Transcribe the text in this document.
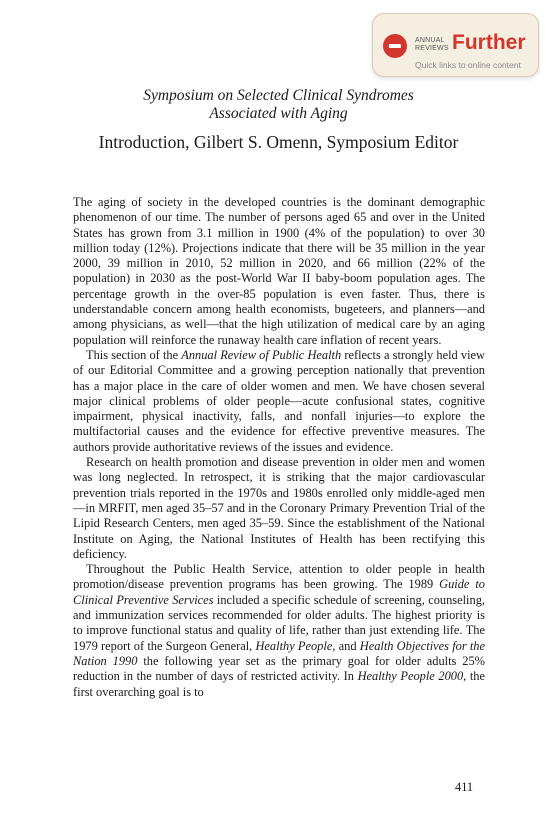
ANNUAL
REVIEWS Further
Quick links to online content
Symposium on Selected Clinical Syndromes
Associated with Aging
Introduction, Gilbert S. Omenn, Symposium Editor

The aging of society in the developed countries is the dominant demographic phenomenon of our time. The number of persons aged 65 and over in the United States has grown from 3.1 million in 1900 (4% of the population) to over 30 million today (12%). Projections indicate that there will be 35 million in the year 2000, 39 million in 2010, 52 million in 2020, and 66 million (22% of the population) in 2030 as the post-World War II baby-boom population ages. The percentage growth in the over-85 population is even faster. Thus, there is understandable concern among health economists, bugeteers, and planners—and among physicians, as well—that the high utilization of medical care by an aging population will reinforce the runaway health care inflation of recent years.

This section of the Annual Review of Public Health reflects a strongly held view of our Editorial Committee and a growing perception nationally that prevention has a major place in the care of older women and men. We have chosen several major clinical problems of older people—acute confusional states, cognitive impairment, physical inactivity, falls, and nonfall injuries—to explore the multifactorial causes and the evidence for effective preventive measures. The authors provide authoritative reviews of the issues and evidence.

Research on health promotion and disease prevention in older men and women was long neglected. In retrospect, it is striking that the major cardiovascular prevention trials reported in the 1970s and 1980s enrolled only middle-aged men—in MRFIT, men aged 35–57 and in the Coronary Primary Prevention Trial of the Lipid Research Centers, men aged 35–59. Since the establishment of the National Institute on Aging, the National Institutes of Health has been rectifying this deficiency.

Throughout the Public Health Service, attention to older people in health promotion/disease prevention programs has been growing. The 1989 Guide to Clinical Preventive Services included a specific schedule of screening, counseling, and immunization services recommended for older adults. The highest priority is to improve functional status and quality of life, rather than just extending life. The 1979 report of the Surgeon General, Healthy People, and Health Objectives for the Nation 1990 the following year set as the primary goal for older adults 25% reduction in the number of days of restricted activity. In Healthy People 2000, the first overarching goal is to

411
